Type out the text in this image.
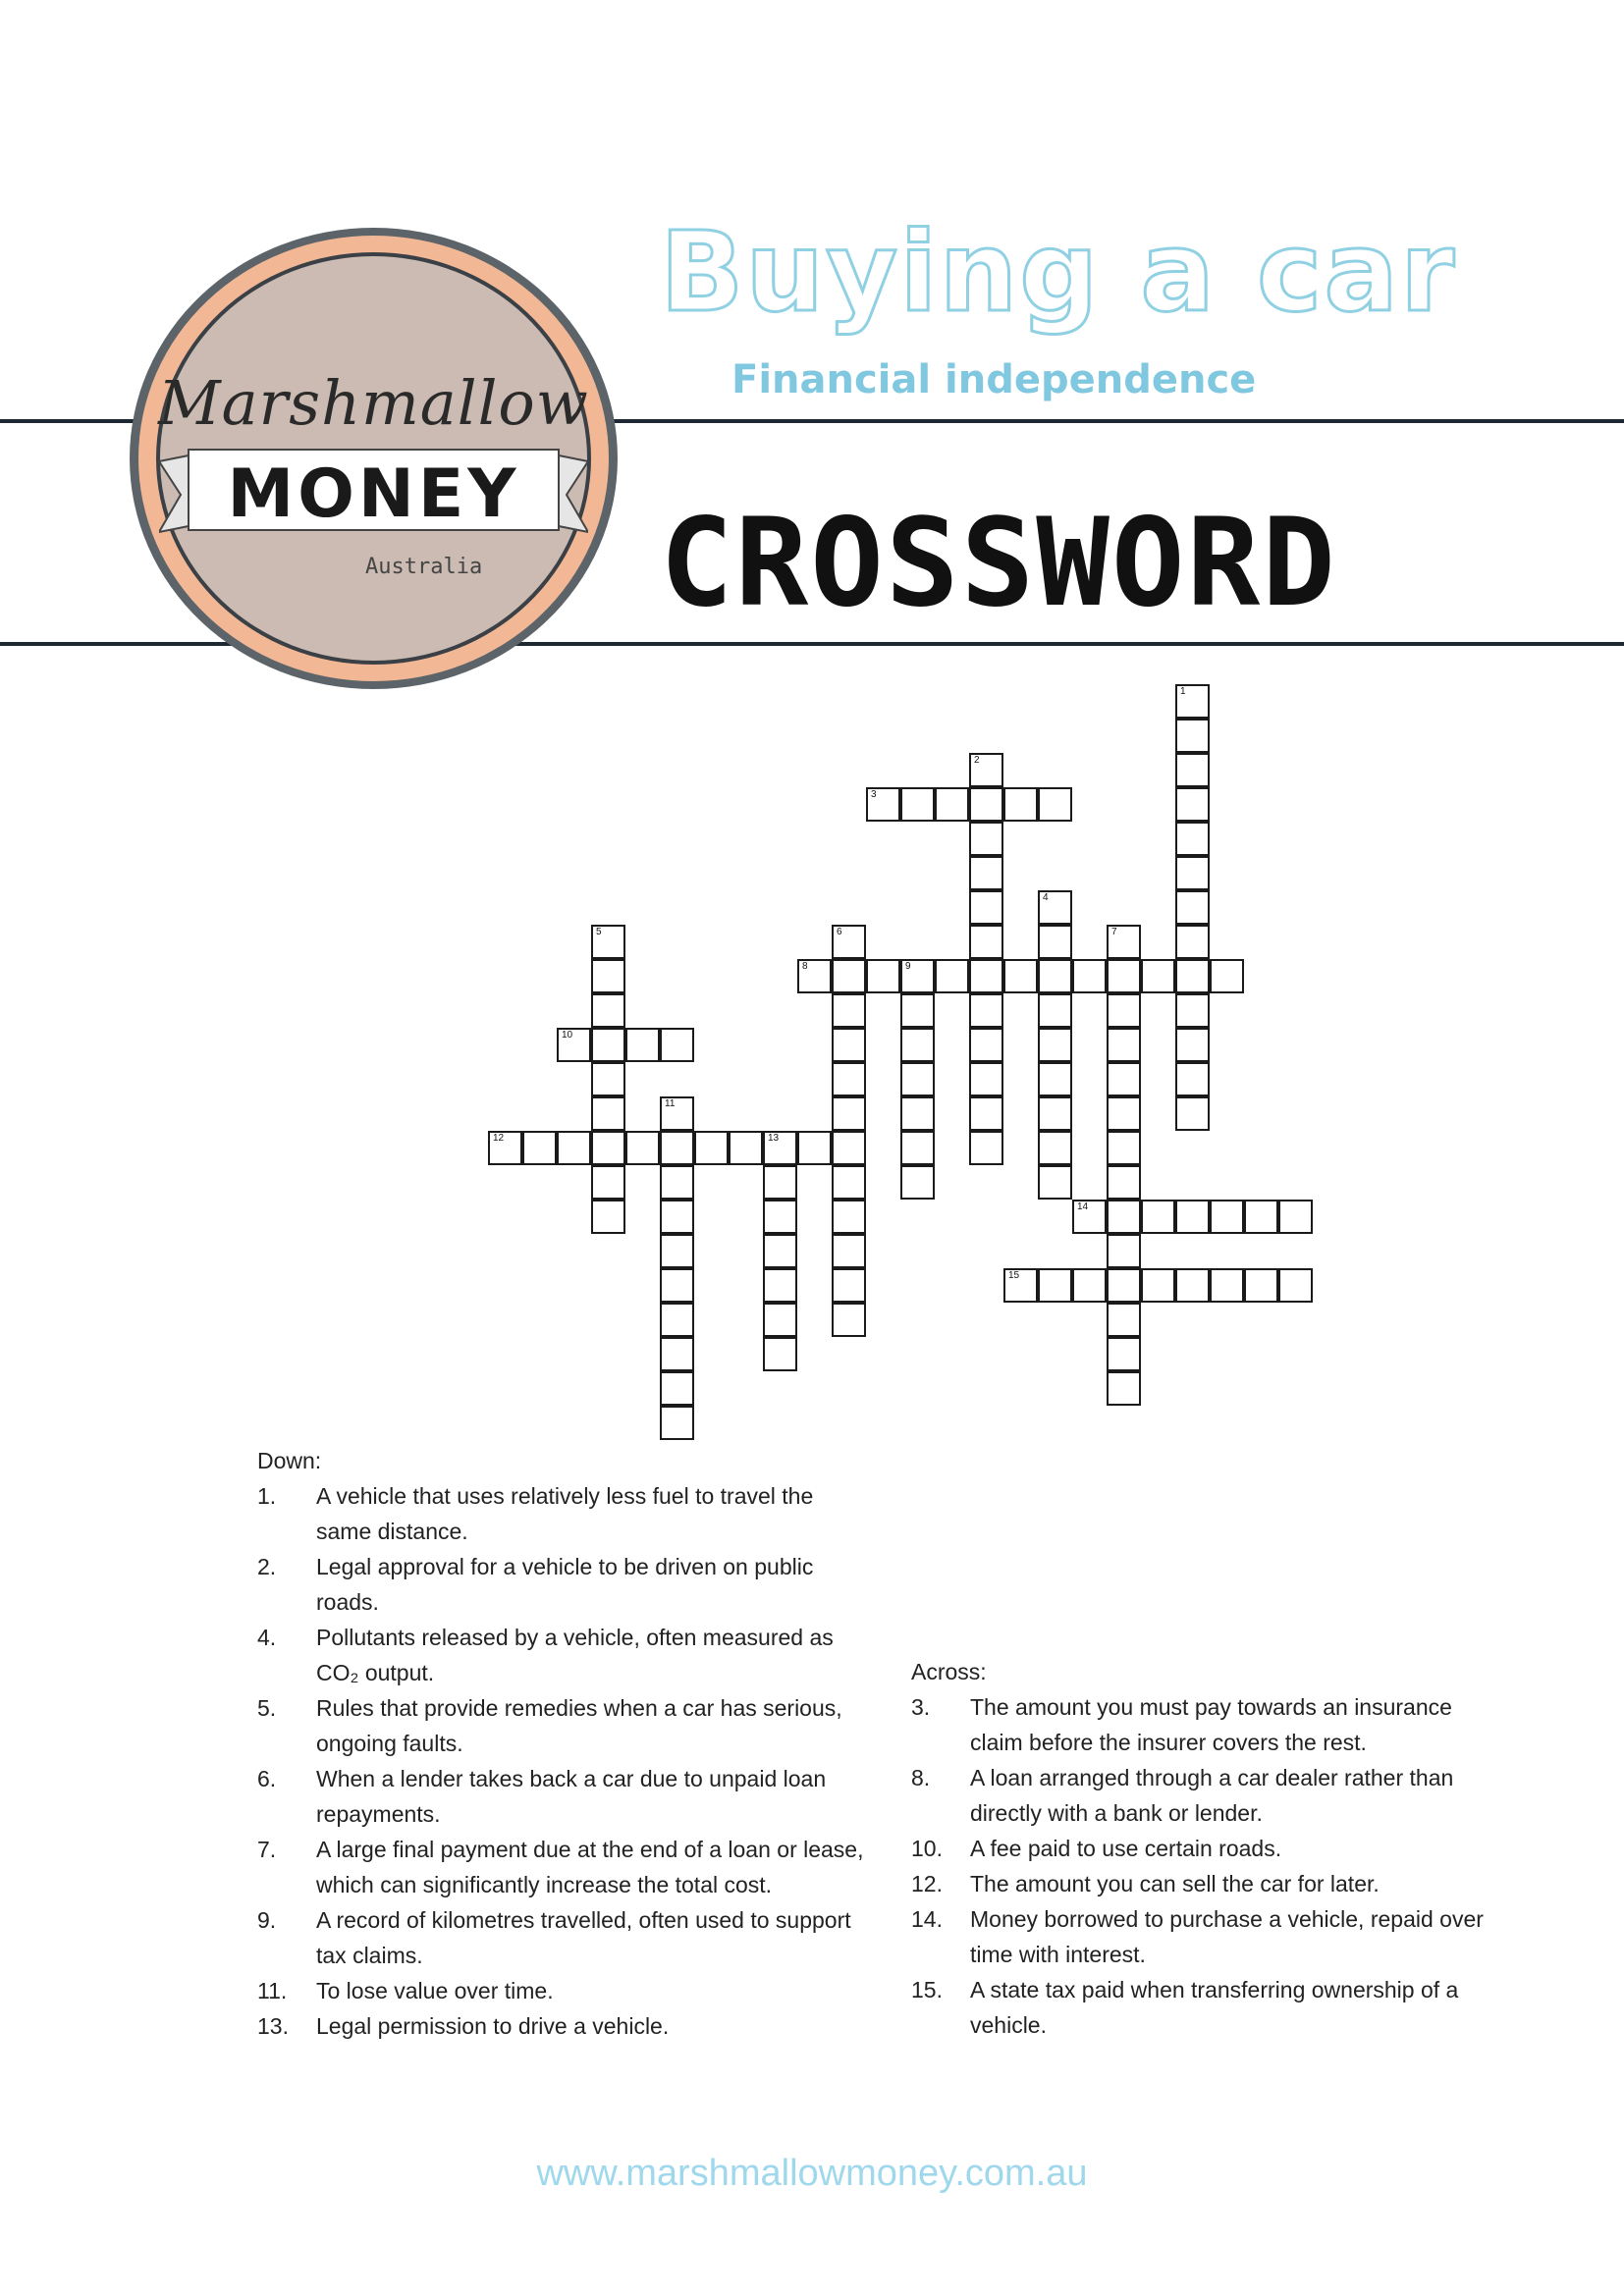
Marshmallow
MONEY
Australia
Buying a car
Financial independence
CROSSWORD
1
2
3
4
5	6	7
8	9
10
11
12	13
14
15
Down:
1.	A vehicle that uses relatively less fuel to travel the same distance.
2.	Legal approval for a vehicle to be driven on public roads.
4.	Pollutants released by a vehicle, often measured as CO₂ output.
5.	Rules that provide remedies when a car has serious, ongoing faults.
6.	When a lender takes back a car due to unpaid loan repayments.
7.	A large final payment due at the end of a loan or lease, which can significantly increase the total cost.
9.	A record of kilometres travelled, often used to support tax claims.
11.	To lose value over time.
13.	Legal permission to drive a vehicle.
Across:
3.	The amount you must pay towards an insurance claim before the insurer covers the rest.
8.	A loan arranged through a car dealer rather than directly with a bank or lender.
10.	A fee paid to use certain roads.
12.	The amount you can sell the car for later.
14.	Money borrowed to purchase a vehicle, repaid over time with interest.
15.	A state tax paid when transferring ownership of a vehicle.
www.marshmallowmoney.com.au
